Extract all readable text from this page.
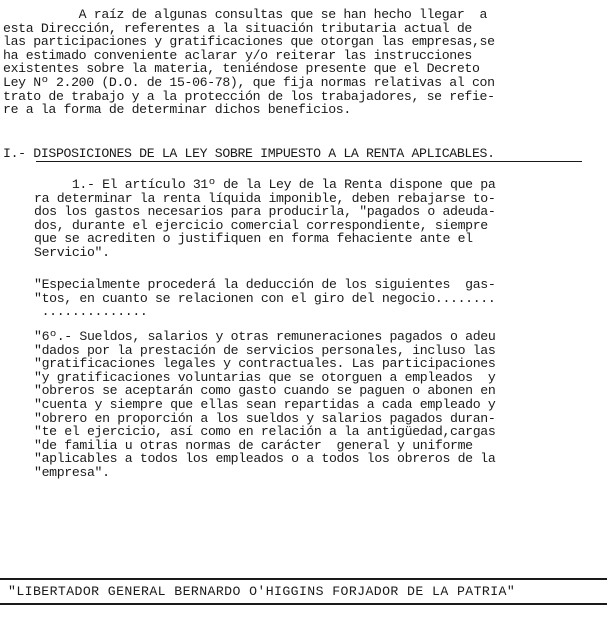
A raíz de algunas consultas que se han hecho llegar  a
esta Dirección, referentes a la situación tributaria actual de
las participaciones y gratificaciones que otorgan las empresas,se
ha estimado conveniente aclarar y/o reiterar las instrucciones
existentes sobre la materia, teniéndose presente que el Decreto
Ley Nº 2.200 (D.O. de 15-06-78), que fija normas relativas al con
trato de trabajo y a la protección de los trabajadores, se refie-
re a la forma de determinar dichos beneficios.
I.- DISPOSICIONES DE LA LEY SOBRE IMPUESTO A LA RENTA APLICABLES.
1.- El artículo 31º de la Ley de la Renta dispone que pa
ra determinar la renta líquida imponible, deben rebajarse to-
dos los gastos necesarios para producirla, "pagados o adeuda-
dos, durante el ejercicio comercial correspondiente, siempre
que se acrediten o justifiquen en forma fehaciente ante el
Servicio".
"Especialmente procederá la deducción de los siguientes  gas-
"tos, en cuanto se relacionen con el giro del negocio........
..............
"6º.- Sueldos, salarios y otras remuneraciones pagados o adeu
"dados por la prestación de servicios personales, incluso las
"gratificaciones legales y contractuales. Las participaciones
"y gratificaciones voluntarias que se otorguen a empleados  y
"obreros se aceptarán como gasto cuando se paguen o abonen en
"cuenta y siempre que ellas sean repartidas a cada empleado y
"obrero en proporción a los sueldos y salarios pagados duran-
"te el ejercicio, así como en relación a la antigüedad,cargas
"de familia u otras normas de carácter  general y uniforme
"aplicables a todos los empleados o a todos los obreros de la
"empresa".
"LIBERTADOR GENERAL BERNARDO O'HIGGINS FORJADOR DE LA PATRIA"
